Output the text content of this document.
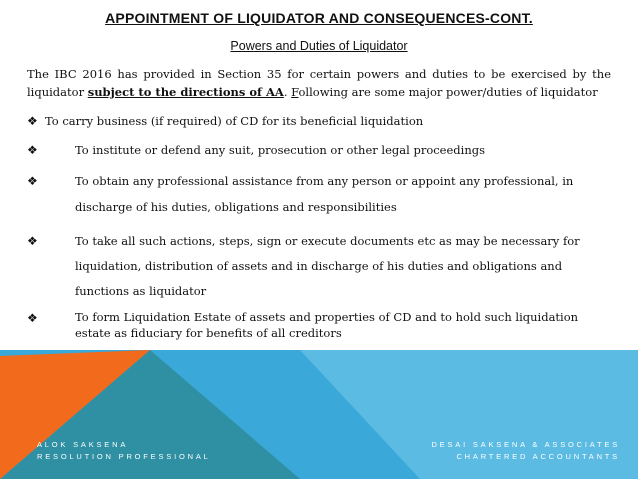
APPOINTMENT OF LIQUIDATOR AND CONSEQUENCES-CONT.
Powers and Duties of Liquidator
The IBC 2016 has provided in Section 35 for certain powers and duties to be exercised by the liquidator subject to the directions of AA. Following are some major power/duties of liquidator
❖ To carry business (if required) of CD for its beneficial liquidation
❖	To institute or defend any suit, prosecution or other legal proceedings
❖	To obtain any professional assistance from any person or appoint any professional, in discharge of his duties, obligations and responsibilities
❖	To take all such actions, steps, sign or execute documents etc as may be necessary for liquidation, distribution of assets and in discharge of his duties and obligations and functions as liquidator
❖	To form Liquidation Estate of assets and properties of CD and to hold such liquidation estate as fiduciary for benefits of all creditors
ALOK SAKSENA
RESOLUTION PROFESSIONAL
DESAI SAKSENA & ASSOCIATES
CHARTERED ACCOUNTANTS
